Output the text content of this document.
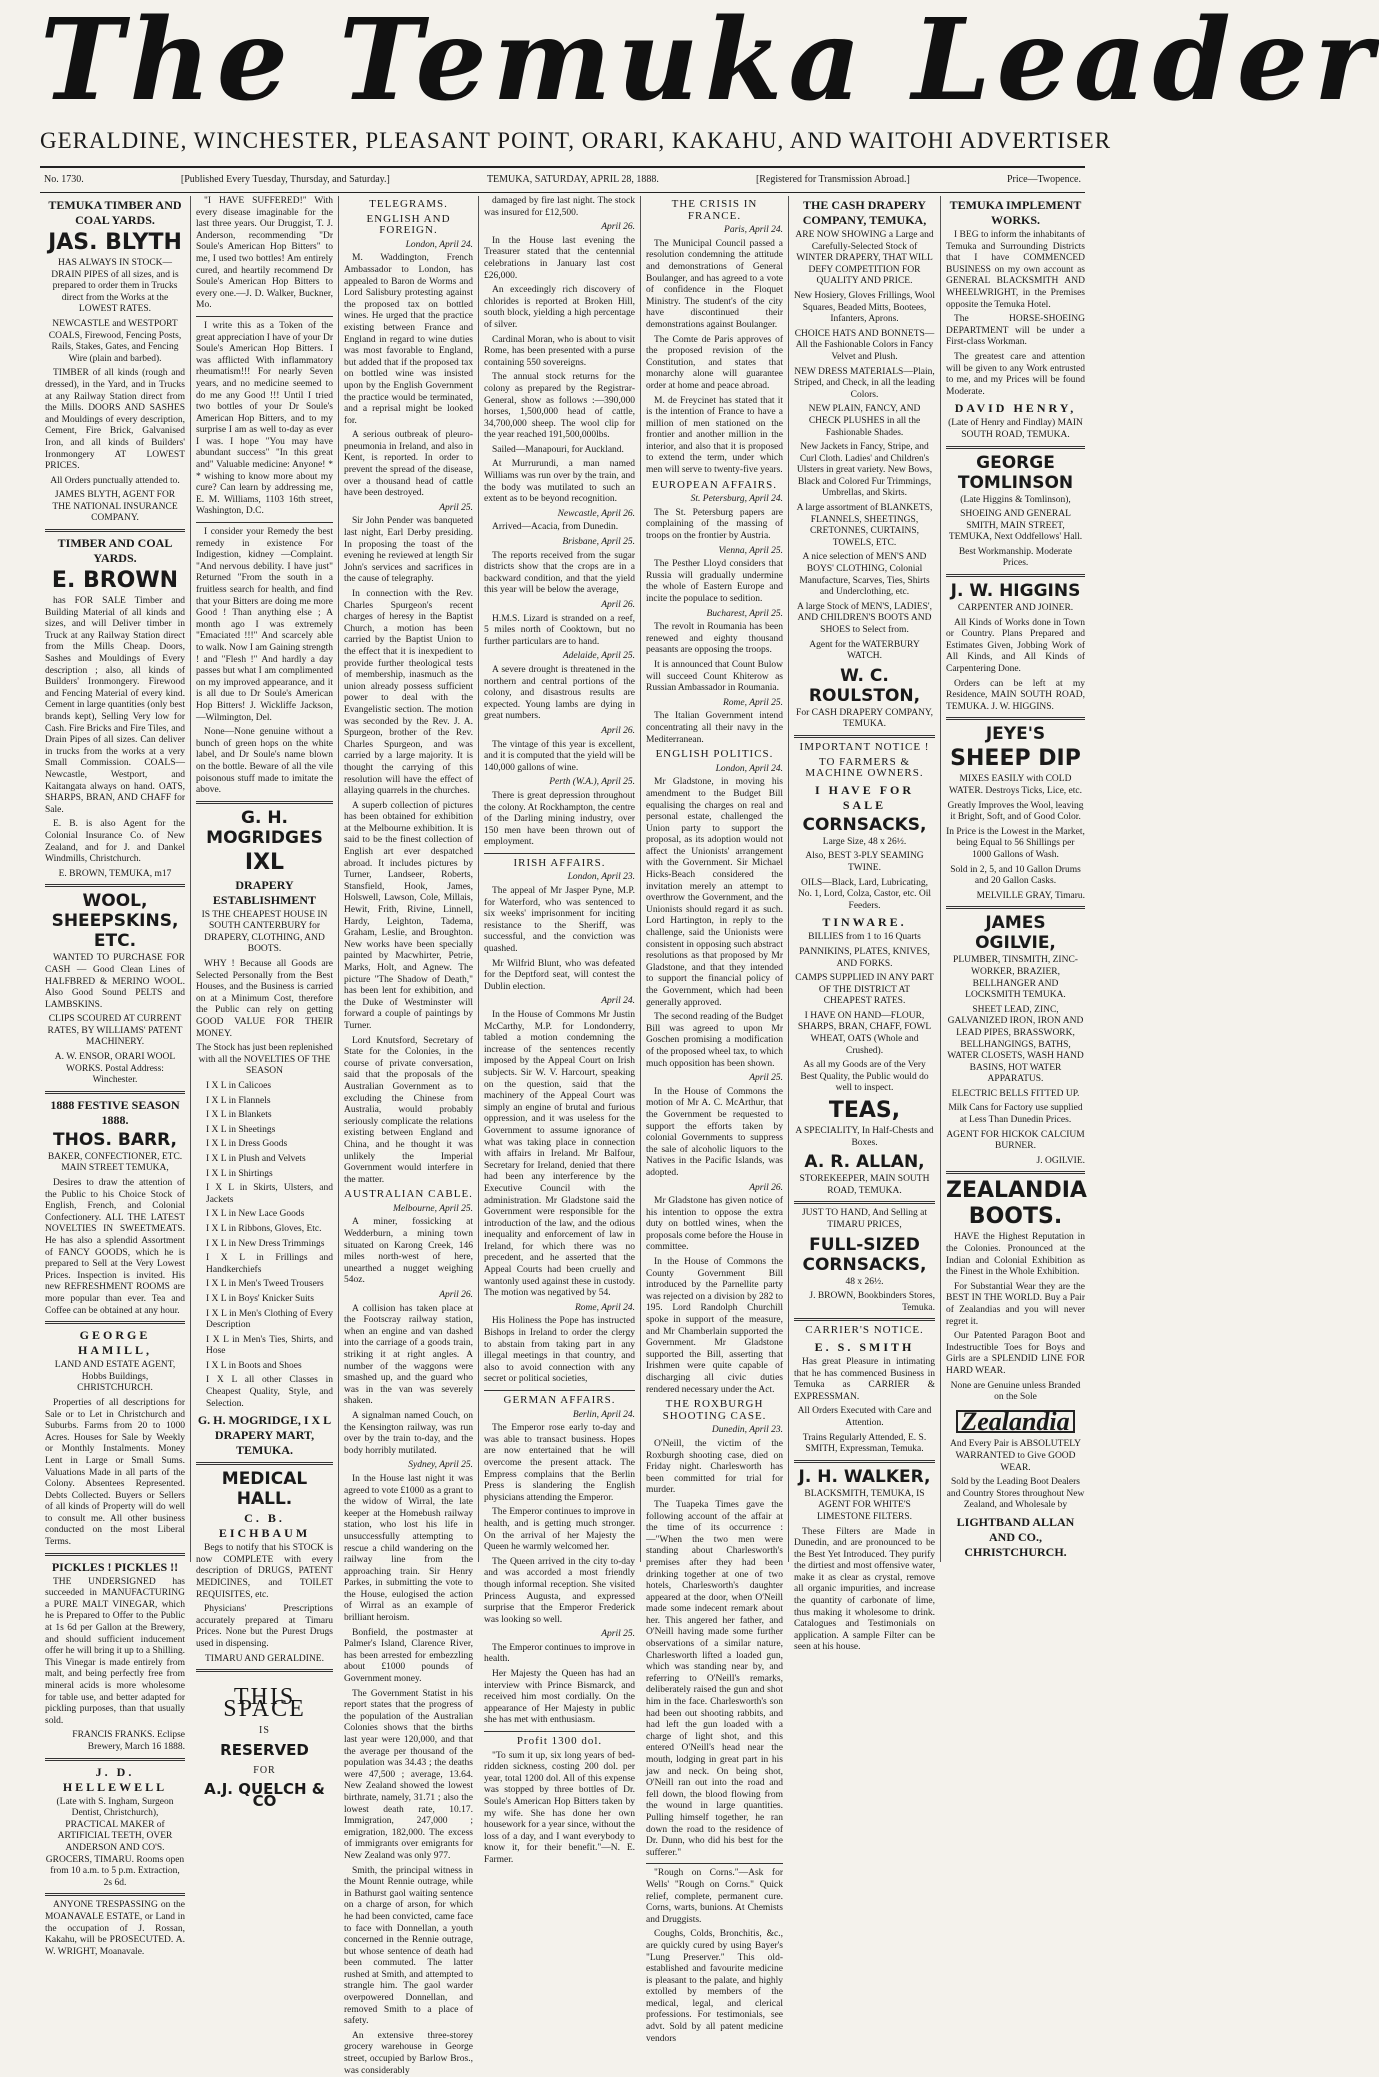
The Temuka Leader
GERALDINE, WINCHESTER, PLEASANT POINT, ORARI, KAKAHU, AND WAITOHI ADVERTISER
No. 1730.	[Published Every Tuesday, Thursday, and Saturday.]	TEMUKA, SATURDAY, APRIL 28, 1888.	[Registered for Transmission Abroad.]	Price—Twopence.
TEMUKA TIMBER AND COAL YARDS.
JAS. BLYTH

HAS ALWAYS IN STOCK—DRAIN PIPES of all sizes, and is prepared to order them in Trucks direct from the Works at the LOWEST RATES.

NEWCASTLE and WESTPORT COALS, Firewood, Fencing Posts, Rails, Stakes, Gates, and Fencing Wire (plain and barbed).

TIMBER of all kinds (rough and dressed), in the Yard, and in Trucks at any Railway Station direct from the Mills. DOORS AND SASHES and Mouldings of every description, Cement, Fire Brick, Galvanised Iron, and all kinds of Builders' Ironmongery AT LOWEST PRICES.

All Orders punctually attended to.

JAMES BLYTH, AGENT FOR THE NATIONAL INSURANCE COMPANY.

TIMBER AND COAL YARDS.
E. BROWN

has FOR SALE Timber and Building Material of all kinds and sizes, and will Deliver timber in Truck at any Railway Station direct from the Mills Cheap. Doors, Sashes and Mouldings of Every description ; also, all kinds of Builders' Ironmongery. Firewood and Fencing Material of every kind. Cement in large quantities (only best brands kept), Selling Very low for Cash. Fire Bricks and Fire Tiles, and Drain Pipes of all sizes. Can deliver in trucks from the works at a very Small Commission. COALS—Newcastle, Westport, and Kaitangata always on hand. OATS, SHARPS, BRAN, AND CHAFF for Sale.

E. B. is also Agent for the Colonial Insurance Co. of New Zealand, and for J. and Dankel Windmills, Christchurch.

E. BROWN, TEMUKA, m17

WOOL, SHEEPSKINS, ETC.

WANTED TO PURCHASE FOR CASH — Good Clean Lines of HALFBRED & MERINO WOOL. Also Good Sound PELTS and LAMBSKINS.

CLIPS SCOURED AT CURRENT RATES, BY WILLIAMS' PATENT MACHINERY.

A. W. ENSOR, ORARI WOOL WORKS. Postal Address: Winchester.

1888 FESTIVE SEASON 1888.
THOS. BARR,

BAKER, CONFECTIONER, ETC. MAIN STREET TEMUKA,

Desires to draw the attention of the Public to his Choice Stock of English, French, and Colonial Confectionery. ALL THE LATEST NOVELTIES IN SWEETMEATS. He has also a splendid Assortment of FANCY GOODS, which he is prepared to Sell at the Very Lowest Prices. Inspection is invited. His new REFRESHMENT ROOMS are more popular than ever. Tea and Coffee can be obtained at any hour.

GEORGE HAMILL,

LAND AND ESTATE AGENT, Hobbs Buildings, CHRISTCHURCH.

Properties of all descriptions for Sale or to Let in Christchurch and Suburbs. Farms from 20 to 1000 Acres. Houses for Sale by Weekly or Monthly Instalments. Money Lent in Large or Small Sums. Valuations Made in all parts of the Colony. Absentees Represented. Debts Collected. Buyers or Sellers of all kinds of Property will do well to consult me. All other business conducted on the most Liberal Terms.

PICKLES ! PICKLES !!

THE UNDERSIGNED has succeeded in MANUFACTURING a PURE MALT VINEGAR, which he is Prepared to Offer to the Public at 1s 6d per Gallon at the Brewery, and should sufficient inducement offer he will bring it up to a Shilling. This Vinegar is made entirely from malt, and being perfectly free from mineral acids is more wholesome for table use, and better adapted for pickling purposes, than that usually sold.

FRANCIS FRANKS. Eclipse Brewery, March 16 1888.

J. D. HELLEWELL

(Late with S. Ingham, Surgeon Dentist, Christchurch), PRACTICAL MAKER of ARTIFICIAL TEETH, OVER ANDERSON AND CO'S. GROCERS, TIMARU. Rooms open from 10 a.m. to 5 p.m. Extraction, 2s 6d.

ANYONE TRESPASSING on the MOANAVALE ESTATE, or Land in the occupation of J. Rossan, Kakahu, will be PROSECUTED. A. W. WRIGHT, Moanavale.

"I HAVE SUFFERED!" With every disease imaginable for the last three years. Our Druggist, T. J. Anderson, recommending "Dr Soule's American Hop Bitters" to me, I used two bottles! Am entirely cured, and heartily recommend Dr Soule's American Hop Bitters to every one.—J. D. Walker, Buckner, Mo.

I write this as a Token of the great appreciation I have of your Dr Soule's American Hop Bitters. I was afflicted With inflammatory rheumatism!!! For nearly Seven years, and no medicine seemed to do me any Good !!! Until I tried two bottles of your Dr Soule's American Hop Bitters, and to my surprise I am as well to-day as ever I was. I hope "You may have abundant success" "In this great and" Valuable medicine: Anyone! * * wishing to know more about my cure? Can learn by addressing me, E. M. Williams, 1103 16th street, Washington, D.C.

I consider your Remedy the best remedy in existence For Indigestion, kidney —Complaint. "And nervous debility. I have just" Returned "From the south in a fruitless search for health, and find that your Bitters are doing me more Good ! Than anything else ; A month ago I was extremely "Emaciated !!!" And scarcely able to walk. Now I am Gaining strength ! and "Flesh !" And hardly a day passes but what I am complimented on my improved appearance, and it is all due to Dr Soule's American Hop Bitters! J. Wickliffe Jackson, —Wilmington, Del.

None—None genuine without a bunch of green hops on the white label, and Dr Soule's name blown on the bottle. Beware of all the vile poisonous stuff made to imitate the above.

G. H. MOGRIDGES
IXL
DRAPERY ESTABLISHMENT

IS THE CHEAPEST HOUSE IN SOUTH CANTERBURY for DRAPERY, CLOTHING, AND BOOTS.

WHY ! Because all Goods are Selected Personally from the Best Houses, and the Business is carried on at a Minimum Cost, therefore the Public can rely on getting GOOD VALUE FOR THEIR MONEY.

The Stock has just been replenished with all the NOVELTIES OF THE SEASON

I X L in Calicoes

I X L in Flannels

I X L in Blankets

I X L in Sheetings

I X L in Dress Goods

I X L in Plush and Velvets

I X L in Shirtings

I X L in Skirts, Ulsters, and Jackets

I X L in New Lace Goods

I X L in Ribbons, Gloves, Etc.

I X L in New Dress Trimmings

I X L in Frillings and Handkerchiefs

I X L in Men's Tweed Trousers

I X L in Boys' Knicker Suits

I X L in Men's Clothing of Every Description

I X L in Men's Ties, Shirts, and Hose

I X L in Boots and Shoes

I X L all other Classes in Cheapest Quality, Style, and Selection.

G. H. MOGRIDGE, I X L DRAPERY MART, TEMUKA.
MEDICAL HALL.
C. B. EICHBAUM

Begs to notify that his STOCK is now COMPLETE with every description of DRUGS, PATENT MEDICINES, and TOILET REQUISITES, etc.

Physicians' Prescriptions accurately prepared at Timaru Prices. None but the Purest Drugs used in dispensing.

TIMARU AND GERALDINE.

THIS SPACE
IS
RESERVED
FOR
A.J. QUELCH & CO
TELEGRAMS.
ENGLISH AND FOREIGN.
London, April 24.

M. Waddington, French Ambassador to London, has appealed to Baron de Worms and Lord Salisbury protesting against the proposed tax on bottled wines. He urged that the practice existing between France and England in regard to wine duties was most favorable to England, but added that if the proposed tax on bottled wine was insisted upon by the English Government the practice would be terminated, and a reprisal might be looked for.

A serious outbreak of pleuro-pneumonia in Ireland, and also in Kent, is reported. In order to prevent the spread of the disease, over a thousand head of cattle have been destroyed.

April 25.

Sir John Pender was banqueted last night, Earl Derby presiding. In proposing the toast of the evening he reviewed at length Sir John's services and sacrifices in the cause of telegraphy.

In connection with the Rev. Charles Spurgeon's recent charges of heresy in the Baptist Church, a motion has been carried by the Baptist Union to the effect that it is inexpedient to provide further theological tests of membership, inasmuch as the union already possess sufficient power to deal with the Evangelistic section. The motion was seconded by the Rev. J. A. Spurgeon, brother of the Rev. Charles Spurgeon, and was carried by a large majority. It is thought the carrying of this resolution will have the effect of allaying quarrels in the churches.

A superb collection of pictures has been obtained for exhibition at the Melbourne exhibition. It is said to be the finest collection of English art ever despatched abroad. It includes pictures by Turner, Landseer, Roberts, Stansfield, Hook, James, Holswell, Lawson, Cole, Millais, Hewit, Frith, Rivine, Linnell, Hardy, Leighton, Tadema, Graham, Leslie, and Broughton. New works have been specially painted by Macwhirter, Petrie, Marks, Holt, and Agnew. The picture "The Shadow of Death," has been lent for exhibition, and the Duke of Westminster will forward a couple of paintings by Turner.

Lord Knutsford, Secretary of State for the Colonies, in the course of private conversation, said that the proposals of the Australian Government as to excluding the Chinese from Australia, would probably seriously complicate the relations existing between England and China, and he thought it was unlikely the Imperial Government would interfere in the matter.

AUSTRALIAN CABLE.
Melbourne, April 25.

A miner, fossicking at Wedderburn, a mining town situated on Karong Creek, 146 miles north-west of here, unearthed a nugget weighing 54oz.

April 26.

A collision has taken place at the Footscray railway station, when an engine and van dashed into the carriage of a goods train, striking it at right angles. A number of the waggons were smashed up, and the guard who was in the van was severely shaken.

A signalman named Couch, on the Kensington railway, was run over by the train to-day, and the body horribly mutilated.

Sydney, April 25.

In the House last night it was agreed to vote £1000 as a grant to the widow of Wirral, the late keeper at the Homebush railway station, who lost his life in unsuccessfully attempting to rescue a child wandering on the railway line from the approaching train. Sir Henry Parkes, in submitting the vote to the House, eulogised the action of Wirral as an example of brilliant heroism.

Bonfield, the postmaster at Palmer's Island, Clarence River, has been arrested for embezzling about £1000 pounds of Government money.

The Government Statist in his report states that the progress of the population of the Australian Colonies shows that the births last year were 120,000, and that the average per thousand of the population was 34.43 ; the deaths were 47,500 ; average, 13.64. New Zealand showed the lowest birthrate, namely, 31.71 ; also the lowest death rate, 10.17. Immigration, 247,000 ; emigration, 182,000. The excess of immigrants over emigrants for New Zealand was only 977.

Smith, the principal witness in the Mount Rennie outrage, while in Bathurst gaol waiting sentence on a charge of arson, for which he had been convicted, came face to face with Donnellan, a youth concerned in the Rennie outrage, but whose sentence of death had been commuted. The latter rushed at Smith, and attempted to strangle him. The gaol warder overpowered Donnellan, and removed Smith to a place of safety.

An extensive three-storey grocery warehouse in George street, occupied by Barlow Bros., was considerably

damaged by fire last night. The stock was insured for £12,500.

April 26.

In the House last evening the Treasurer stated that the centennial celebrations in January last cost £26,000.

An exceedingly rich discovery of chlorides is reported at Broken Hill, south block, yielding a high percentage of silver.

Cardinal Moran, who is about to visit Rome, has been presented with a purse containing 550 sovereigns.

The annual stock returns for the colony as prepared by the Registrar-General, show as follows :—390,000 horses, 1,500,000 head of cattle, 34,700,000 sheep. The wool clip for the year reached 191,500,000lbs.

Sailed—Manapouri, for Auckland.

At Murrurundi, a man named Williams was run over by the train, and the body was mutilated to such an extent as to be beyond recognition.

Newcastle, April 26.

Arrived—Acacia, from Dunedin.

Brisbane, April 25.

The reports received from the sugar districts show that the crops are in a backward condition, and that the yield this year will be below the average,

April 26.

H.M.S. Lizard is stranded on a reef, 5 miles north of Cooktown, but no further particulars are to hand.

Adelaide, April 25.

A severe drought is threatened in the northern and central portions of the colony, and disastrous results are expected. Young lambs are dying in great numbers.

April 26.

The vintage of this year is excellent, and it is computed that the yield will be 140,000 gallons of wine.

Perth (W.A.), April 25.

There is great depression throughout the colony. At Rockhampton, the centre of the Darling mining industry, over 150 men have been thrown out of employment.

IRISH AFFAIRS.
London, April 23.

The appeal of Mr Jasper Pyne, M.P. for Waterford, who was sentenced to six weeks' imprisonment for inciting resistance to the Sheriff, was successful, and the conviction was quashed.

Mr Wilfrid Blunt, who was defeated for the Deptford seat, will contest the Dublin election.

April 24.

In the House of Commons Mr Justin McCarthy, M.P. for Londonderry, tabled a motion condemning the increase of the sentences recently imposed by the Appeal Court on Irish subjects. Sir W. V. Harcourt, speaking on the question, said that the machinery of the Appeal Court was simply an engine of brutal and furious oppression, and it was useless for the Government to assume ignorance of what was taking place in connection with affairs in Ireland. Mr Balfour, Secretary for Ireland, denied that there had been any interference by the Executive Council with the administration. Mr Gladstone said the Government were responsible for the introduction of the law, and the odious inequality and enforcement of law in Ireland, for which there was no precedent, and he asserted that the Appeal Courts had been cruelly and wantonly used against these in custody. The motion was negatived by 54.

Rome, April 24.

His Holiness the Pope has instructed Bishops in Ireland to order the clergy to abstain from taking part in any illegal meetings in that country, and also to avoid connection with any secret or political societies,

GERMAN AFFAIRS.
Berlin, April 24.

The Emperor rose early to-day and was able to transact business. Hopes are now entertained that he will overcome the present attack. The Empress complains that the Berlin Press is slandering the English physicians attending the Emperor.

The Emperor continues to improve in health, and is getting much stronger. On the arrival of her Majesty the Queen he warmly welcomed her.

The Queen arrived in the city to-day and was accorded a most friendly though informal reception. She visited Princess Augusta, and expressed surprise that the Emperor Frederick was looking so well.

April 25.

The Emperor continues to improve in health.

Her Majesty the Queen has had an interview with Prince Bismarck, and received him most cordially. On the appearance of Her Majesty in public she has met with enthusiasm.

Profit 1300 dol.

"To sum it up, six long years of bed-ridden sickness, costing 200 dol. per year, total 1200 dol. All of this expense was stopped by three bottles of Dr. Soule's American Hop Bitters taken by my wife. She has done her own housework for a year since, without the loss of a day, and I want everybody to know it, for their benefit."—N. E. Farmer.

THE CRISIS IN FRANCE.
Paris, April 24.

The Municipal Council passed a resolution condemning the attitude and demonstrations of General Boulanger, and has agreed to a vote of confidence in the Floquet Ministry. The student's of the city have discontinued their demonstrations against Boulanger.

The Comte de Paris approves of the proposed revision of the Constitution, and states that monarchy alone will guarantee order at home and peace abroad.

M. de Freycinet has stated that it is the intention of France to have a million of men stationed on the frontier and another million in the interior, and also that it is proposed to extend the term, under which men will serve to twenty-five years.

EUROPEAN AFFAIRS.
St. Petersburg, April 24.

The St. Petersburg papers are complaining of the massing of troops on the frontier by Austria.

Vienna, April 25.

The Pesther Lloyd considers that Russia will gradually undermine the whole of Eastern Europe and incite the populace to sedition.

Bucharest, April 25.

The revolt in Roumania has been renewed and eighty thousand peasants are opposing the troops.

It is announced that Count Bulow will succeed Count Khiterow as Russian Ambassador in Roumania.

Rome, April 25.

The Italian Government intend concentrating all their navy in the Mediterranean.

ENGLISH POLITICS.
London, April 24.

Mr Gladstone, in moving his amendment to the Budget Bill equalising the charges on real and personal estate, challenged the Union party to support the proposal, as its adoption would not affect the Unionists' arrangement with the Government. Sir Michael Hicks-Beach considered the invitation merely an attempt to overthrow the Government, and the Unionists should regard it as such. Lord Hartington, in reply to the challenge, said the Unionists were consistent in opposing such abstract resolutions as that proposed by Mr Gladstone, and that they intended to support the financial policy of the Government, which had been generally approved.

The second reading of the Budget Bill was agreed to upon Mr Goschen promising a modification of the proposed wheel tax, to which much opposition has been shown.

April 25.

In the House of Commons the motion of Mr A. C. McArthur, that the Government be requested to support the efforts taken by colonial Governments to suppress the sale of alcoholic liquors to the Natives in the Pacific Islands, was adopted.

April 26.

Mr Gladstone has given notice of his intention to oppose the extra duty on bottled wines, when the proposals come before the House in committee.

In the House of Commons the County Government Bill introduced by the Parnellite party was rejected on a division by 282 to 195. Lord Randolph Churchill spoke in support of the measure, and Mr Chamberlain supported the Government. Mr Gladstone supported the Bill, asserting that Irishmen were quite capable of discharging all civic duties rendered necessary under the Act.

THE ROXBURGH SHOOTING CASE.
Dunedin, April 23.

O'Neill, the victim of the Roxburgh shooting case, died on Friday night. Charlesworth has been committed for trial for murder.

The Tuapeka Times gave the following account of the affair at the time of its occurrence :—"When the two men were standing about Charlesworth's premises after they had been drinking together at one of two hotels, Charlesworth's daughter appeared at the door, when O'Neill made some indecent remark about her. This angered her father, and O'Neill having made some further observations of a similar nature, Charlesworth lifted a loaded gun, which was standing near by, and referring to O'Neill's remarks, deliberately raised the gun and shot him in the face. Charlesworth's son had been out shooting rabbits, and had left the gun loaded with a charge of light shot, and this entered O'Neill's head near the mouth, lodging in great part in his jaw and neck. On being shot, O'Neill ran out into the road and fell down, the blood flowing from the wound in large quantities. Pulling himself together, he ran down the road to the residence of Dr. Dunn, who did his best for the sufferer."

"Rough on Corns."—Ask for Wells' "Rough on Corns." Quick relief, complete, permanent cure. Corns, warts, bunions. At Chemists and Druggists.

Coughs, Colds, Bronchitis, &c., are quickly cured by using Bayer's "Lung Preserver." This old-established and favourite medicine is pleasant to the palate, and highly extolled by members of the medical, legal, and clerical professions. For testimonials, see advt. Sold by all patent medicine vendors

THE CASH DRAPERY COMPANY, TEMUKA,

ARE NOW SHOWING a Large and Carefully-Selected Stock of WINTER DRAPERY, THAT WILL DEFY COMPETITION FOR QUALITY AND PRICE.

New Hosiery, Gloves Frillings, Wool Squares, Beaded Mitts, Bootees, Infanters, Aprons.

CHOICE HATS AND BONNETS—All the Fashionable Colors in Fancy Velvet and Plush.

NEW DRESS MATERIALS—Plain, Striped, and Check, in all the leading Colors.

NEW PLAIN, FANCY, AND CHECK PLUSHES in all the Fashionable Shades.

New Jackets in Fancy, Stripe, and Curl Cloth. Ladies' and Children's Ulsters in great variety. New Bows, Black and Colored Fur Trimmings, Umbrellas, and Skirts.

A large assortment of BLANKETS, FLANNELS, SHEETINGS, CRETONNES, CURTAINS, TOWELS, ETC.

A nice selection of MEN'S AND BOYS' CLOTHING, Colonial Manufacture, Scarves, Ties, Shirts and Underclothing, etc.

A large Stock of MEN'S, LADIES', AND CHILDREN'S BOOTS AND SHOES to Select from.

Agent for the WATERBURY WATCH.

W. C. ROULSTON,

For CASH DRAPERY COMPANY, TEMUKA.

IMPORTANT NOTICE !
TO FARMERS & MACHINE OWNERS.
I HAVE FOR SALE
CORNSACKS,

Large Size, 48 x 26½.

Also, BEST 3-PLY SEAMING TWINE.

OILS—Black, Lard, Lubricating, No. 1, Lord, Colza, Castor, etc. Oil Feeders.

TINWARE.

BILLIES from 1 to 16 Quarts

PANNIKINS, PLATES, KNIVES, AND FORKS.

CAMPS SUPPLIED IN ANY PART OF THE DISTRICT AT CHEAPEST RATES.

I HAVE ON HAND—FLOUR, SHARPS, BRAN, CHAFF, FOWL WHEAT, OATS (Whole and Crushed).

As all my Goods are of the Very Best Quality, the Public would do well to inspect.

TEAS,

A SPECIALITY, In Half-Chests and Boxes.

A. R. ALLAN,

STOREKEEPER, MAIN SOUTH ROAD, TEMUKA.

JUST TO HAND, And Selling at TIMARU PRICES,

FULL-SIZED CORNSACKS,

48 x 26½.

J. BROWN, Bookbinders Stores, Temuka.

CARRIER'S NOTICE.
E. S. SMITH

Has great Pleasure in intimating that he has commenced Business in Temuka as CARRIER & EXPRESSMAN.

All Orders Executed with Care and Attention.

Trains Regularly Attended, E. S. SMITH, Expressman, Temuka.

J. H. WALKER,

BLACKSMITH, TEMUKA, IS AGENT FOR WHITE'S LIMESTONE FILTERS.

These Filters are Made in Dunedin, and are pronounced to be the Best Yet Introduced. They purify the dirtiest and most offensive water, make it as clear as crystal, remove all organic impurities, and increase the quantity of carbonate of lime, thus making it wholesome to drink. Catalogues and Testimonials on application. A sample Filter can be seen at his house.

TEMUKA IMPLEMENT WORKS.

I BEG to inform the inhabitants of Temuka and Surrounding Districts that I have COMMENCED BUSINESS on my own account as GENERAL BLACKSMITH AND WHEELWRIGHT, in the Premises opposite the Temuka Hotel.

The HORSE-SHOEING DEPARTMENT will be under a First-class Workman.

The greatest care and attention will be given to any Work entrusted to me, and my Prices will be found Moderate.

DAVID HENRY,

(Late of Henry and Findlay) MAIN SOUTH ROAD, TEMUKA.

GEORGE TOMLINSON

(Late Higgins & Tomlinson),

SHOEING AND GENERAL SMITH, MAIN STREET, TEMUKA, Next Oddfellows' Hall.

Best Workmanship. Moderate Prices.

J. W. HIGGINS

CARPENTER AND JOINER.

All Kinds of Works done in Town or Country. Plans Prepared and Estimates Given, Jobbing Work of All Kinds, and All Kinds of Carpentering Done.

Orders can be left at my Residence, MAIN SOUTH ROAD, TEMUKA. J. W. HIGGINS.

JEYE'S
SHEEP DIP

MIXES EASILY with COLD WATER. Destroys Ticks, Lice, etc.

Greatly Improves the Wool, leaving it Bright, Soft, and of Good Color.

In Price is the Lowest in the Market, being Equal to 56 Shillings per 1000 Gallons of Wash.

Sold in 2, 5, and 10 Gallon Drums and 20 Gallon Casks.

MELVILLE GRAY, Timaru.

JAMES OGILVIE,

PLUMBER, TINSMITH, ZINC-WORKER, BRAZIER, BELLHANGER AND LOCKSMITH TEMUKA.

SHEET LEAD, ZINC, GALVANIZED IRON, IRON AND LEAD PIPES, BRASSWORK, BELLHANGINGS, BATHS, WATER CLOSETS, WASH HAND BASINS, HOT WATER APPARATUS.

ELECTRIC BELLS FITTED UP.

Milk Cans for Factory use supplied at Less Than Dunedin Prices.

AGENT FOR HICKOK CALCIUM BURNER.

J. OGILVIE.

ZEALANDIA BOOTS.

HAVE the Highest Reputation in the Colonies. Pronounced at the Indian and Colonial Exhibition as the Finest in the Whole Exhibition.

For Substantial Wear they are the BEST IN THE WORLD. Buy a Pair of Zealandias and you will never regret it.

Our Patented Paragon Boot and Indestructible Toes for Boys and Girls are a SPLENDID LINE FOR HARD WEAR.

None are Genuine unless Branded on the Sole

Zealandia

And Every Pair is ABSOLUTELY WARRANTED to Give GOOD WEAR.

Sold by the Leading Boot Dealers and Country Stores throughout New Zealand, and Wholesale by

LIGHTBAND ALLAN AND CO., CHRISTCHURCH.
